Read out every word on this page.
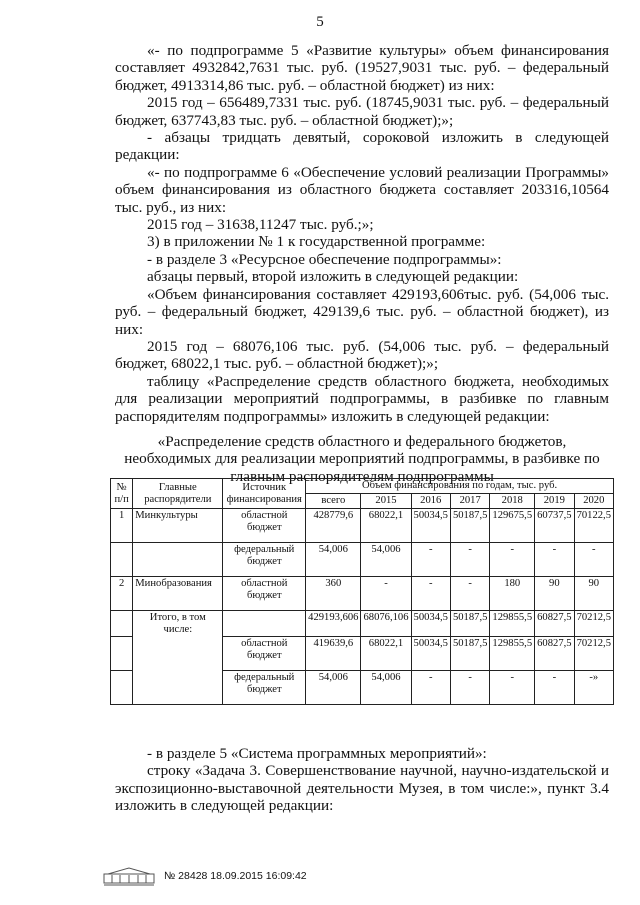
5

«- по подпрограмме 5 «Развитие культуры» объем финансирования составляет 4932842,7631 тыс. руб. (19527,9031 тыс. руб. – федеральный бюджет, 4913314,86 тыс. руб. – областной бюджет) из них:

2015 год – 656489,7331 тыс. руб. (18745,9031 тыс. руб. – федеральный бюджет, 637743,83 тыс. руб. – областной бюджет);»;

- абзацы тридцать девятый, сороковой изложить в следующей редакции:

«- по подпрограмме 6 «Обеспечение условий реализации Программы» объем финансирования из областного бюджета составляет 203316,10564 тыс. руб., из них:

2015 год – 31638,11247 тыс. руб.;»;

3) в приложении № 1 к государственной программе:

- в разделе 3 «Ресурсное обеспечение подпрограммы»:

абзацы первый, второй изложить в следующей редакции:

«Объем финансирования составляет 429193,606тыс. руб. (54,006 тыс. руб. – федеральный бюджет, 429139,6 тыс. руб. – областной бюджет), из них:

2015 год – 68076,106 тыс. руб. (54,006 тыс. руб. – федеральный бюджет, 68022,1 тыс. руб. – областной бюджет);»;

таблицу «Распределение средств областного бюджета, необходимых для реализации мероприятий подпрограммы, в разбивке по главным распорядителям подпрограммы» изложить в следующей редакции:

«Распределение средств областного и федерального бюджетов, необходимых для реализации мероприятий подпрограммы, в разбивке по главным распорядителям подпрограммы

№ п/п	Главные распорядители	Источник финансирования	Объем финансирования по годам, тыс. руб.						
			всего	2015	2016	2017	2018	2019	2020
1	Минкультуры	областной бюджет	428779,6	68022,1	50034,5	50187,5	129675,5	60737,5	70122,5
		федеральный бюджет	54,006	54,006	-	-	-	-	-
2	Минобразования	областной бюджет	360	-	-	-	180	90	90
	Итого, в том числе:		429193,606	68076,106	50034,5	50187,5	129855,5	60827,5	70212,5
		областной бюджет	419639,6	68022,1	50034,5	50187,5	129855,5	60827,5	70212,5
		федеральный бюджет	54,006	54,006	-	-	-	-	-»

- в разделе 5 «Система программных мероприятий»:

строку «Задача 3. Совершенствование научной, научно-издательской и экспозиционно-выставочной деятельности Музея, в том числе:», пункт 3.4 изложить в следующей редакции:

№ 28428 18.09.2015 16:09:42
